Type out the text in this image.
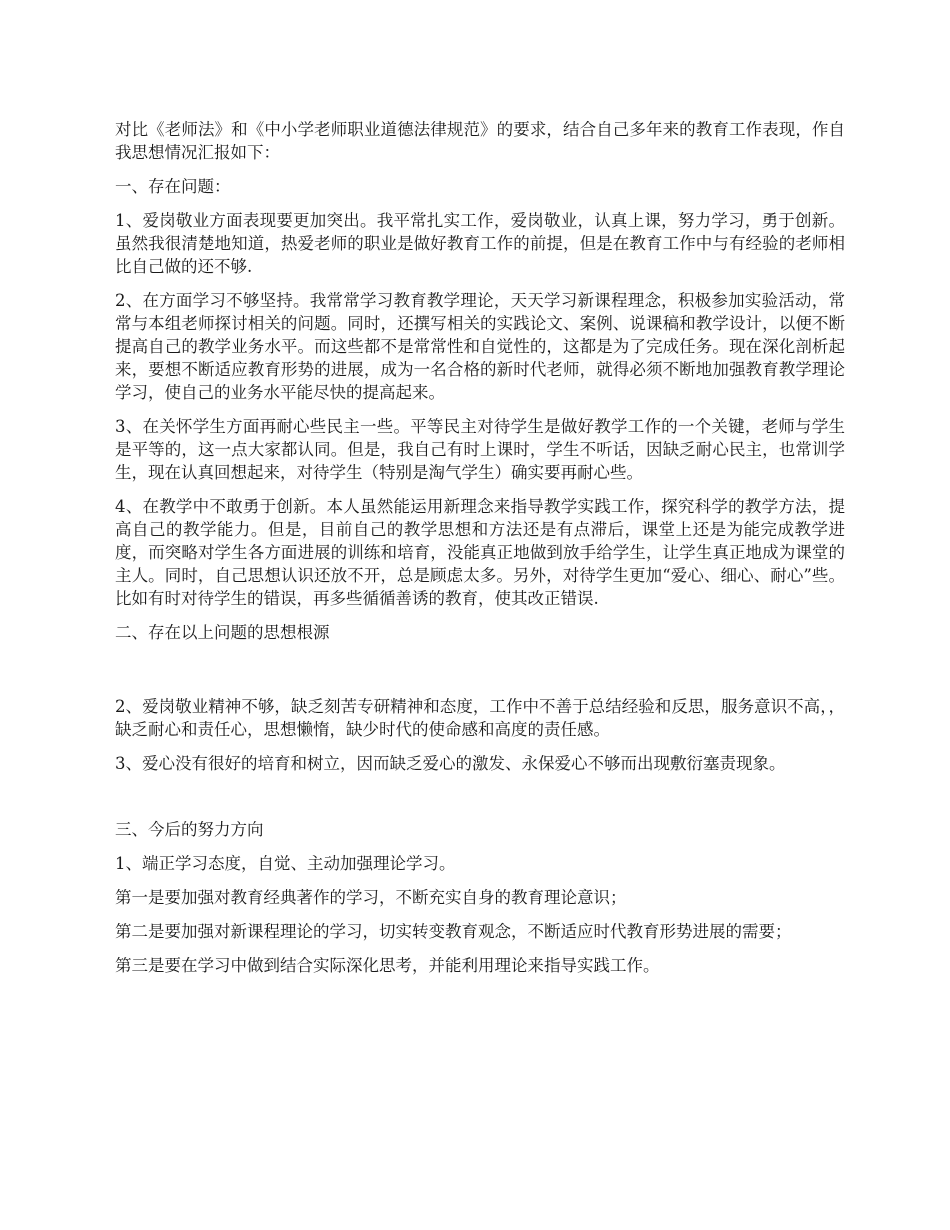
对比《老师法》和《中小学老师职业道德法律规范》的要求，结合自己多年来的教育工作表现，作自我思想情况汇报如下：

一、存在问题：

1、爱岗敬业方面表现要更加突出。我平常扎实工作，爱岗敬业，认真上课，努力学习，勇于创新。虽然我很清楚地知道，热爱老师的职业是做好教育工作的前提，但是在教育工作中与有经验的老师相比自己做的还不够.

2、在方面学习不够坚持。我常常学习教育教学理论，天天学习新课程理念，积极参加实验活动，常常与本组老师探讨相关的问题。同时，还撰写相关的实践论文、案例、说课稿和教学设计，以便不断提高自己的教学业务水平。而这些都不是常常性和自觉性的，这都是为了完成任务。现在深化剖析起来，要想不断适应教育形势的进展，成为一名合格的新时代老师，就得必须不断地加强教育教学理论学习，使自己的业务水平能尽快的提高起来。

3、在关怀学生方面再耐心些民主一些。平等民主对待学生是做好教学工作的一个关键，老师与学生是平等的，这一点大家都认同。但是，我自己有时上课时，学生不听话，因缺乏耐心民主，也常训学生，现在认真回想起来，对待学生（特别是淘气学生）确实要再耐心些。

4、在教学中不敢勇于创新。本人虽然能运用新理念来指导教学实践工作，探究科学的教学方法，提高自己的教学能力。但是，目前自己的教学思想和方法还是有点滞后，课堂上还是为能完成教学进度，而突略对学生各方面进展的训练和培育，没能真正地做到放手给学生，让学生真正地成为课堂的主人。同时，自己思想认识还放不开，总是顾虑太多。另外，对待学生更加“爱心、细心、耐心”些。比如有时对待学生的错误，再多些循循善诱的教育，使其改正错误.

二、存在以上问题的思想根源

2、爱岗敬业精神不够，缺乏刻苦专研精神和态度，工作中不善于总结经验和反思，服务意识不高，，缺乏耐心和责任心，思想懒惰，缺少时代的使命感和高度的责任感。

3、爱心没有很好的培育和树立，因而缺乏爱心的激发、永保爱心不够而出现敷衍塞责现象。

三、今后的努力方向

1、端正学习态度，自觉、主动加强理论学习。

第一是要加强对教育经典著作的学习，不断充实自身的教育理论意识；

第二是要加强对新课程理论的学习，切实转变教育观念，不断适应时代教育形势进展的需要；

第三是要在学习中做到结合实际深化思考，并能利用理论来指导实践工作。
